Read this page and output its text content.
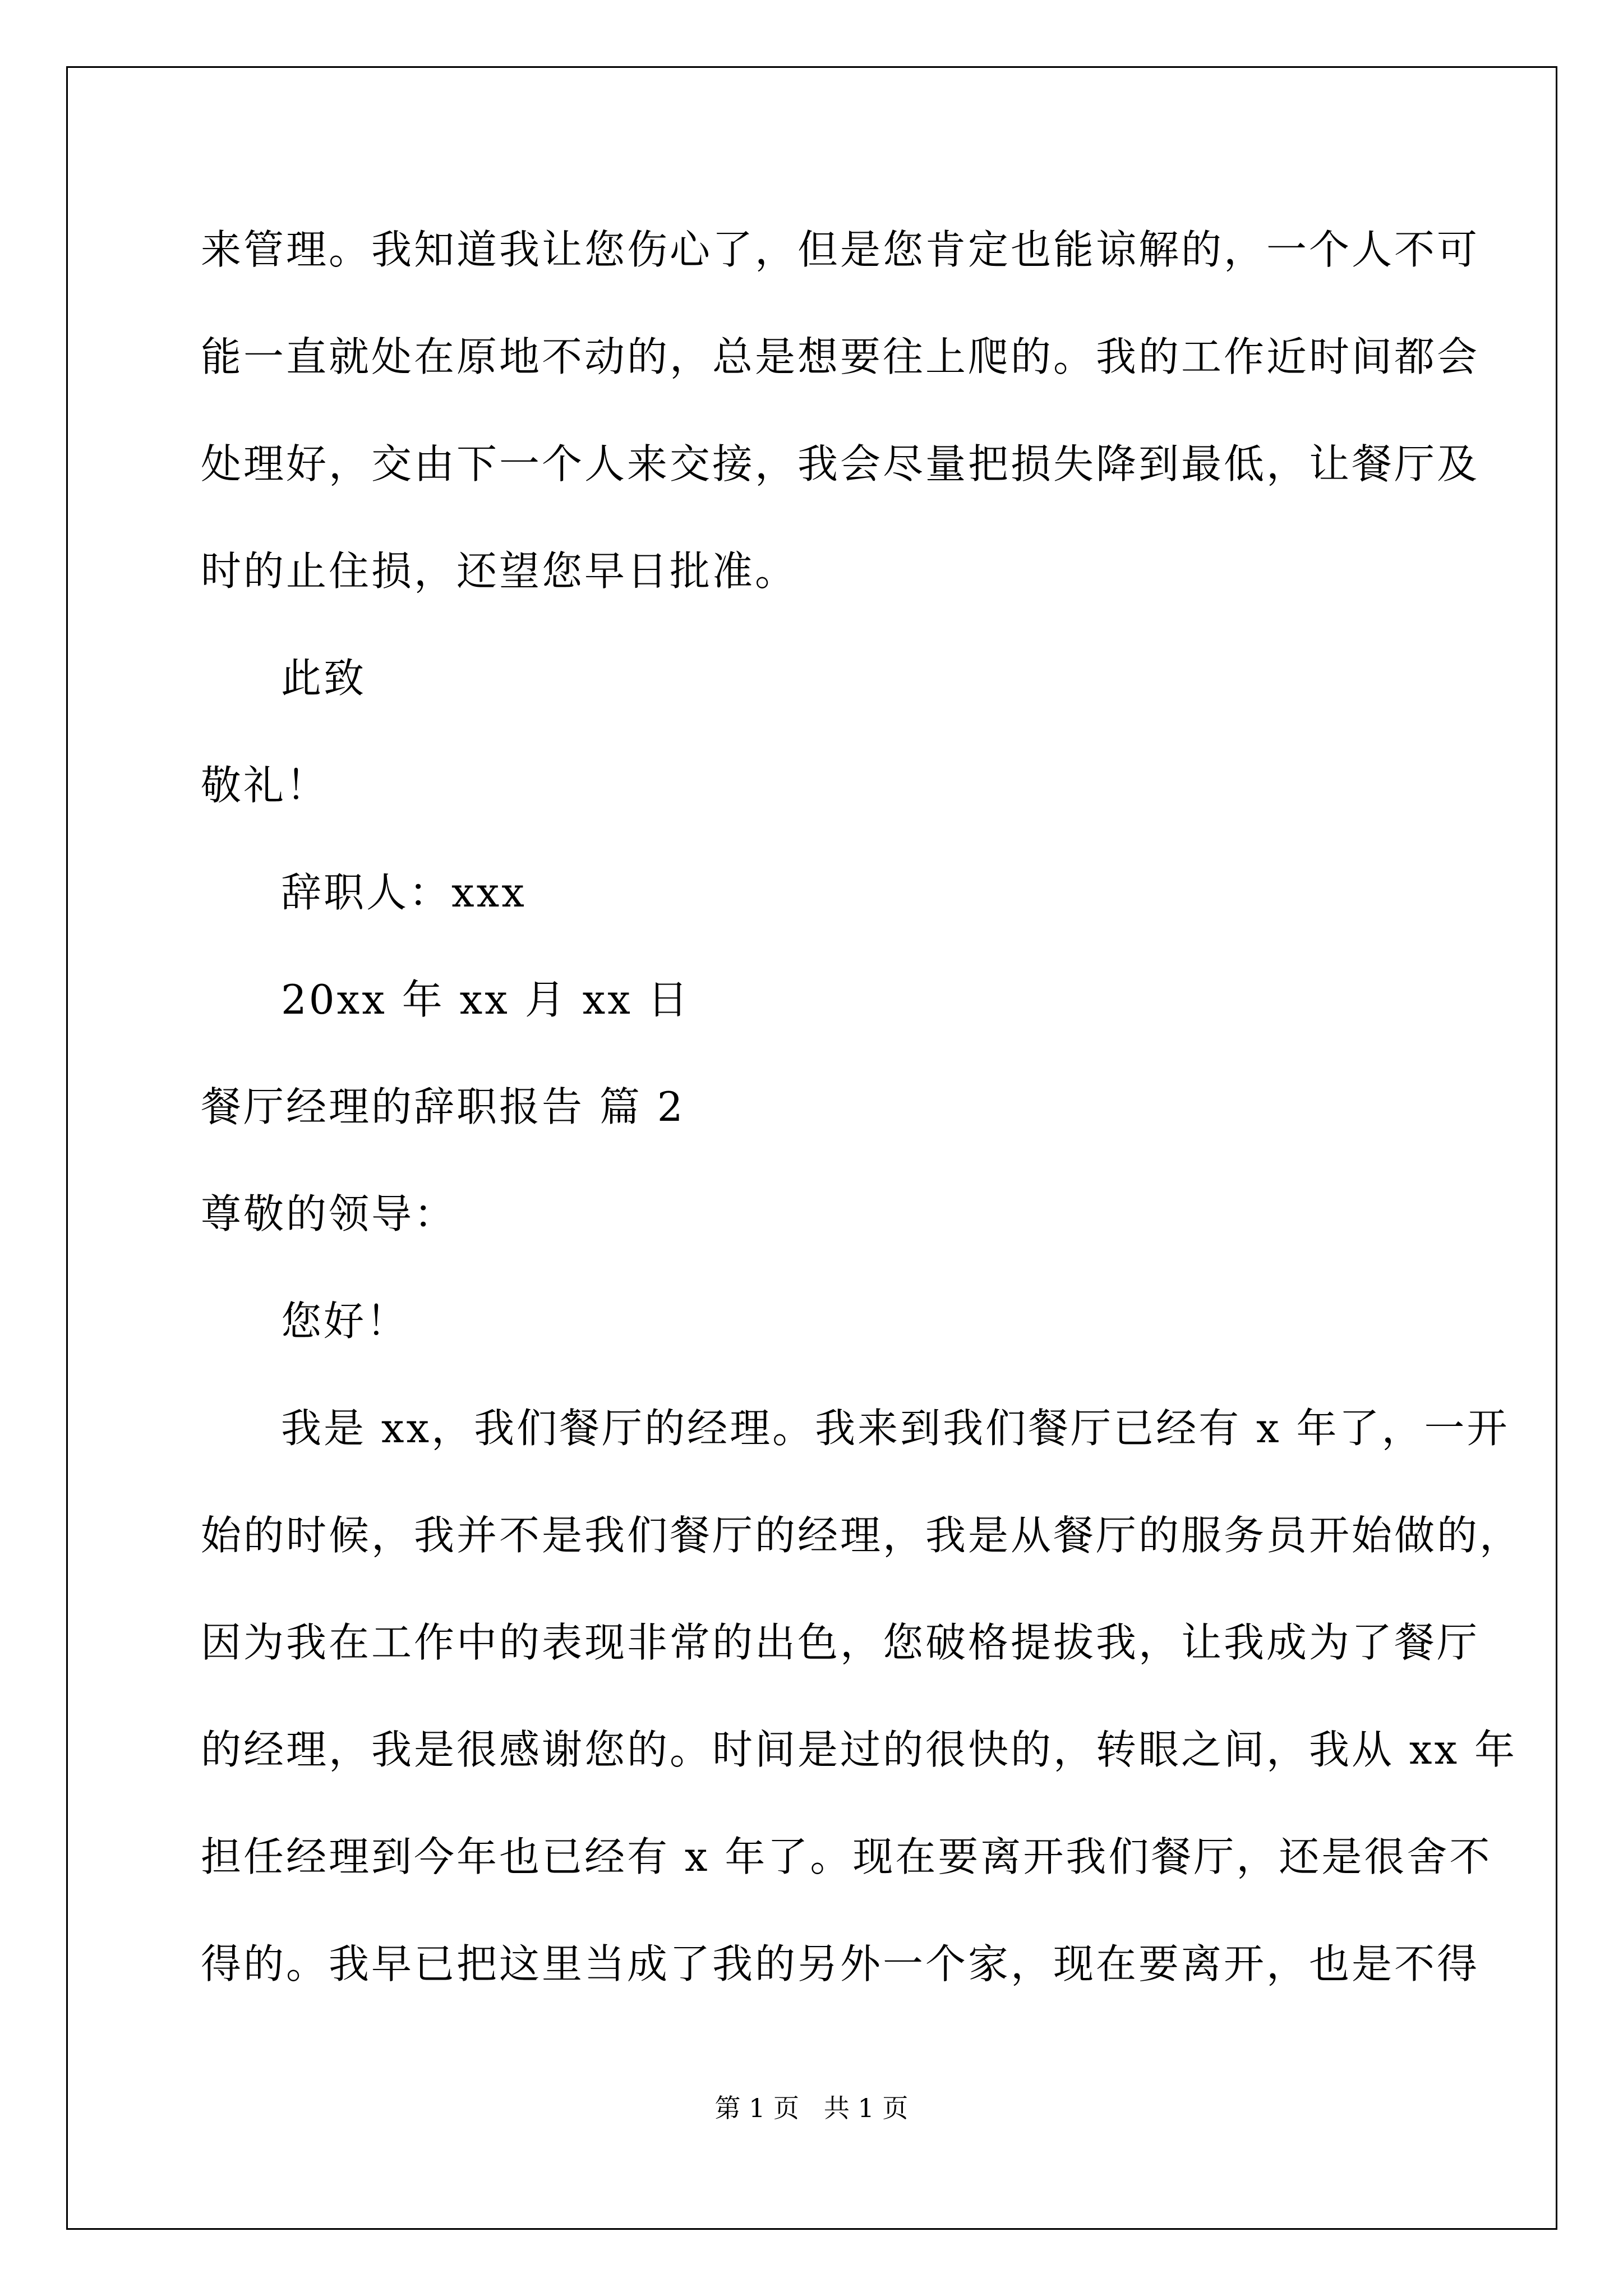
来管理。我知道我让您伤心了，但是您肯定也能谅解的，一个人不可
能一直就处在原地不动的，总是想要往上爬的。我的工作近时间都会
处理好，交由下一个人来交接，我会尽量把损失降到最低，让餐厅及
时的止住损，还望您早日批准。
此致
敬礼！
辞职人：xxx
20xx 年 xx 月 xx 日
餐厅经理的辞职报告 篇 2
尊敬的领导：
您好！
我是 xx，我们餐厅的经理。我来到我们餐厅已经有 x 年了，一开
始的时候，我并不是我们餐厅的经理，我是从餐厅的服务员开始做的，
因为我在工作中的表现非常的出色，您破格提拔我，让我成为了餐厅
的经理，我是很感谢您的。时间是过的很快的，转眼之间，我从 xx 年
担任经理到今年也已经有 x 年了。现在要离开我们餐厅，还是很舍不
得的。我早已把这里当成了我的另外一个家，现在要离开，也是不得
第 1 页   共 1 页
